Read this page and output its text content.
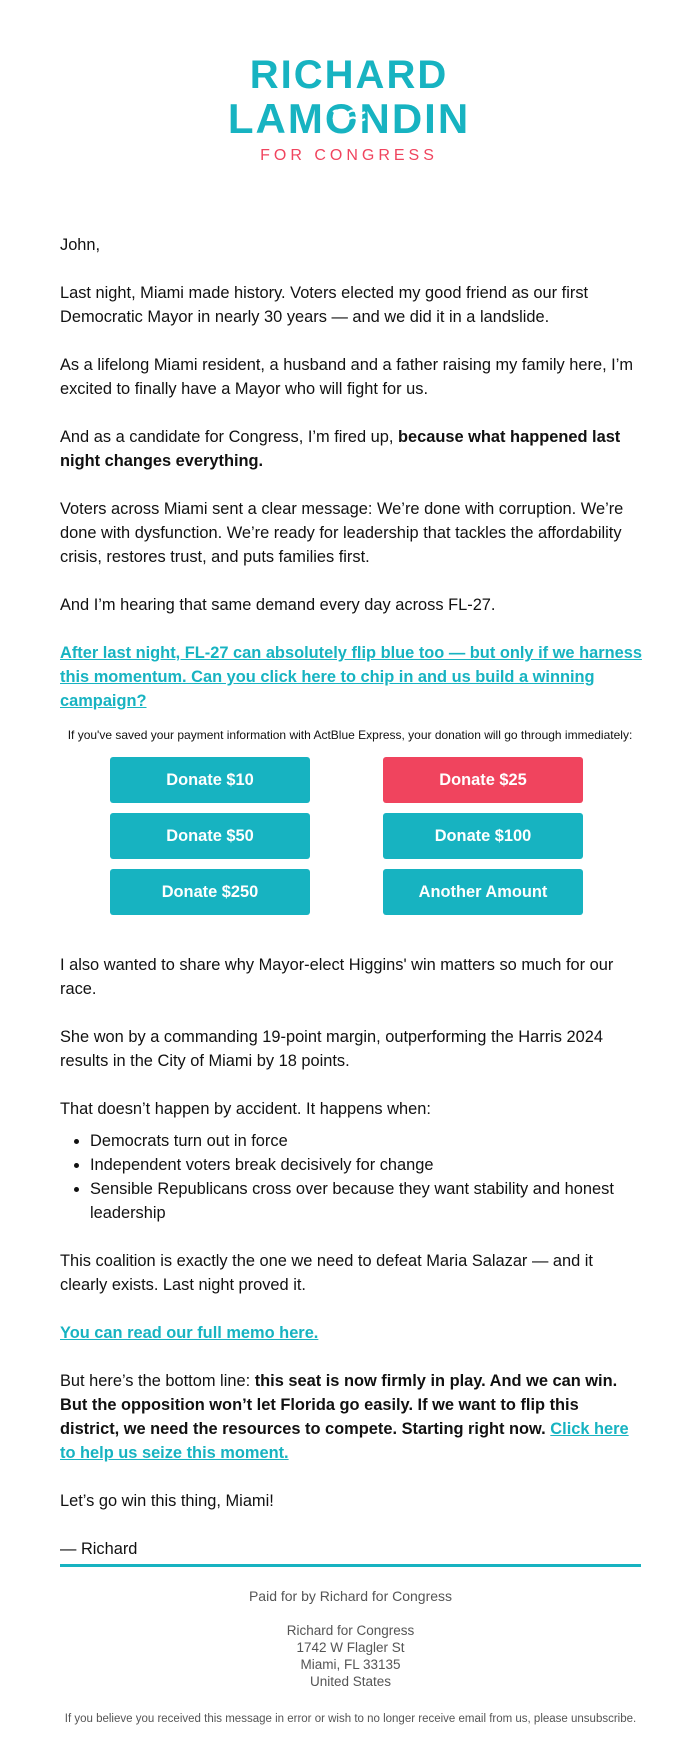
RICHARD
LAMONDIN
FOR CONGRESS

John,

Last night, Miami made history. Voters elected my good friend as our first Democratic Mayor in nearly 30 years — and we did it in a landslide.

As a lifelong Miami resident, a husband and a father raising my family here, I’m excited to finally have a Mayor who will fight for us.

And as a candidate for Congress, I’m fired up, because what happened last night changes everything.

Voters across Miami sent a clear message: We’re done with corruption. We’re done with dysfunction. We’re ready for leadership that tackles the affordability crisis, restores trust, and puts families first.

And I’m hearing that same demand every day across FL-27.

After last night, FL-27 can absolutely flip blue too — but only if we harness this momentum. Can you click here to chip in and us build a winning campaign?

If you've saved your payment information with ActBlue Express, your donation will go through immediately:
Donate $10	Donate $25
Donate $50	Donate $100
Donate $250	Another Amount

I also wanted to share why Mayor-elect Higgins' win matters so much for our race.

She won by a commanding 19-point margin, outperforming the Harris 2024 results in the City of Miami by 18 points.

That doesn’t happen by accident. It happens when:

• Democrats turn out in force
• Independent voters break decisively for change
• Sensible Republicans cross over because they want stability and honest leadership

This coalition is exactly the one we need to defeat Maria Salazar — and it clearly exists. Last night proved it.

You can read our full memo here.

But here’s the bottom line: this seat is now firmly in play. And we can win. But the opposition won’t let Florida go easily. If we want to flip this district, we need the resources to compete. Starting right now. Click here to help us seize this moment.

Let’s go win this thing, Miami!

— Richard

Paid for by Richard for Congress
Richard for Congress
1742 W Flagler St
Miami, FL 33135
United States
If you believe you received this message in error or wish to no longer receive email from us, please unsubscribe.
